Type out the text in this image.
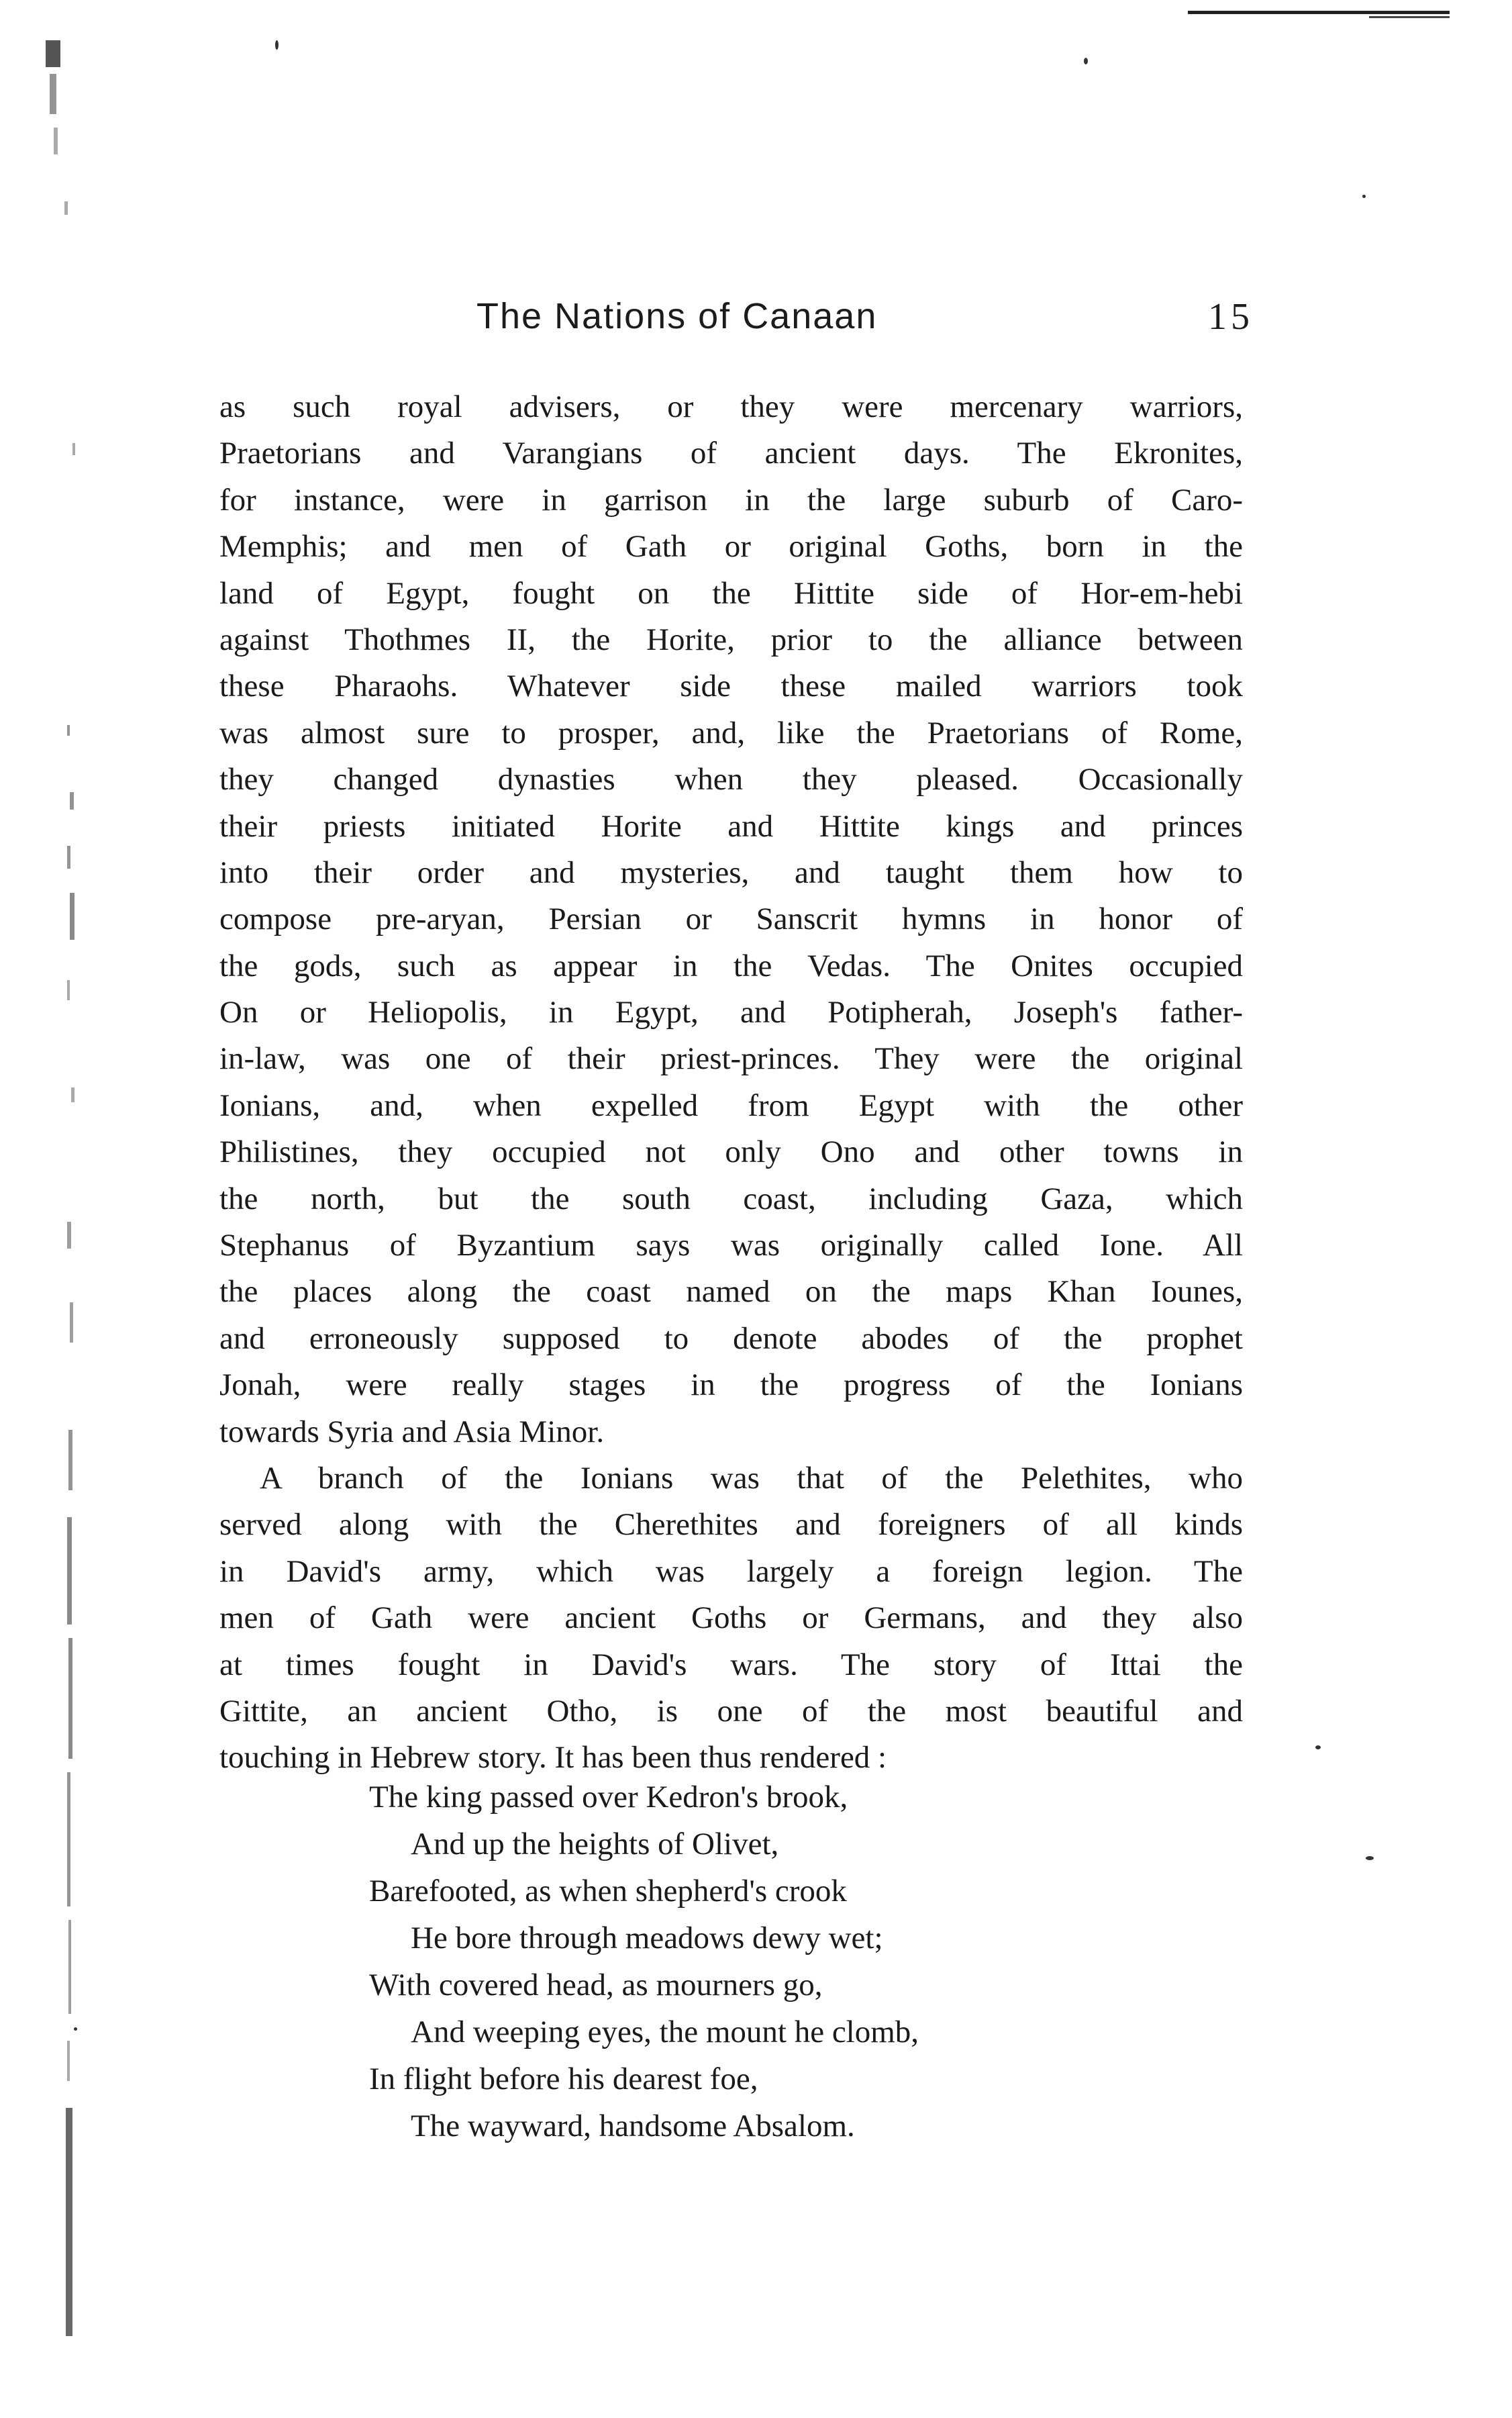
The Nations of Canaan	15
as such royal advisers, or they were mercenary warriors,
Praetorians and Varangians of ancient days. The Ekronites,
for instance, were in garrison in the large suburb of Caro-
Memphis; and men of Gath or original Goths, born in the
land of Egypt, fought on the Hittite side of Hor-em-hebi
against Thothmes II, the Horite, prior to the alliance between
these Pharaohs. Whatever side these mailed warriors took
was almost sure to prosper, and, like the Praetorians of Rome,
they changed dynasties when they pleased. Occasionally
their priests initiated Horite and Hittite kings and princes
into their order and mysteries, and taught them how to
compose pre-aryan, Persian or Sanscrit hymns in honor of
the gods, such as appear in the Vedas. The Onites occupied
On or Heliopolis, in Egypt, and Potipherah, Joseph's father-
in-law, was one of their priest-princes. They were the original
Ionians, and, when expelled from Egypt with the other
Philistines, they occupied not only Ono and other towns in
the north, but the south coast, including Gaza, which
Stephanus of Byzantium says was originally called Ione. All
the places along the coast named on the maps Khan Iounes,
and erroneously supposed to denote abodes of the prophet
Jonah, were really stages in the progress of the Ionians
towards Syria and Asia Minor.
A branch of the Ionians was that of the Pelethites, who
served along with the Cherethites and foreigners of all kinds
in David's army, which was largely a foreign legion. The
men of Gath were ancient Goths or Germans, and they also
at times fought in David's wars. The story of Ittai the
Gittite, an ancient Otho, is one of the most beautiful and
touching in Hebrew story. It has been thus rendered :
The king passed over Kedron's brook,
And up the heights of Olivet,
Barefooted, as when shepherd's crook
He bore through meadows dewy wet;
With covered head, as mourners go,
And weeping eyes, the mount he clomb,
In flight before his dearest foe,
The wayward, handsome Absalom.
